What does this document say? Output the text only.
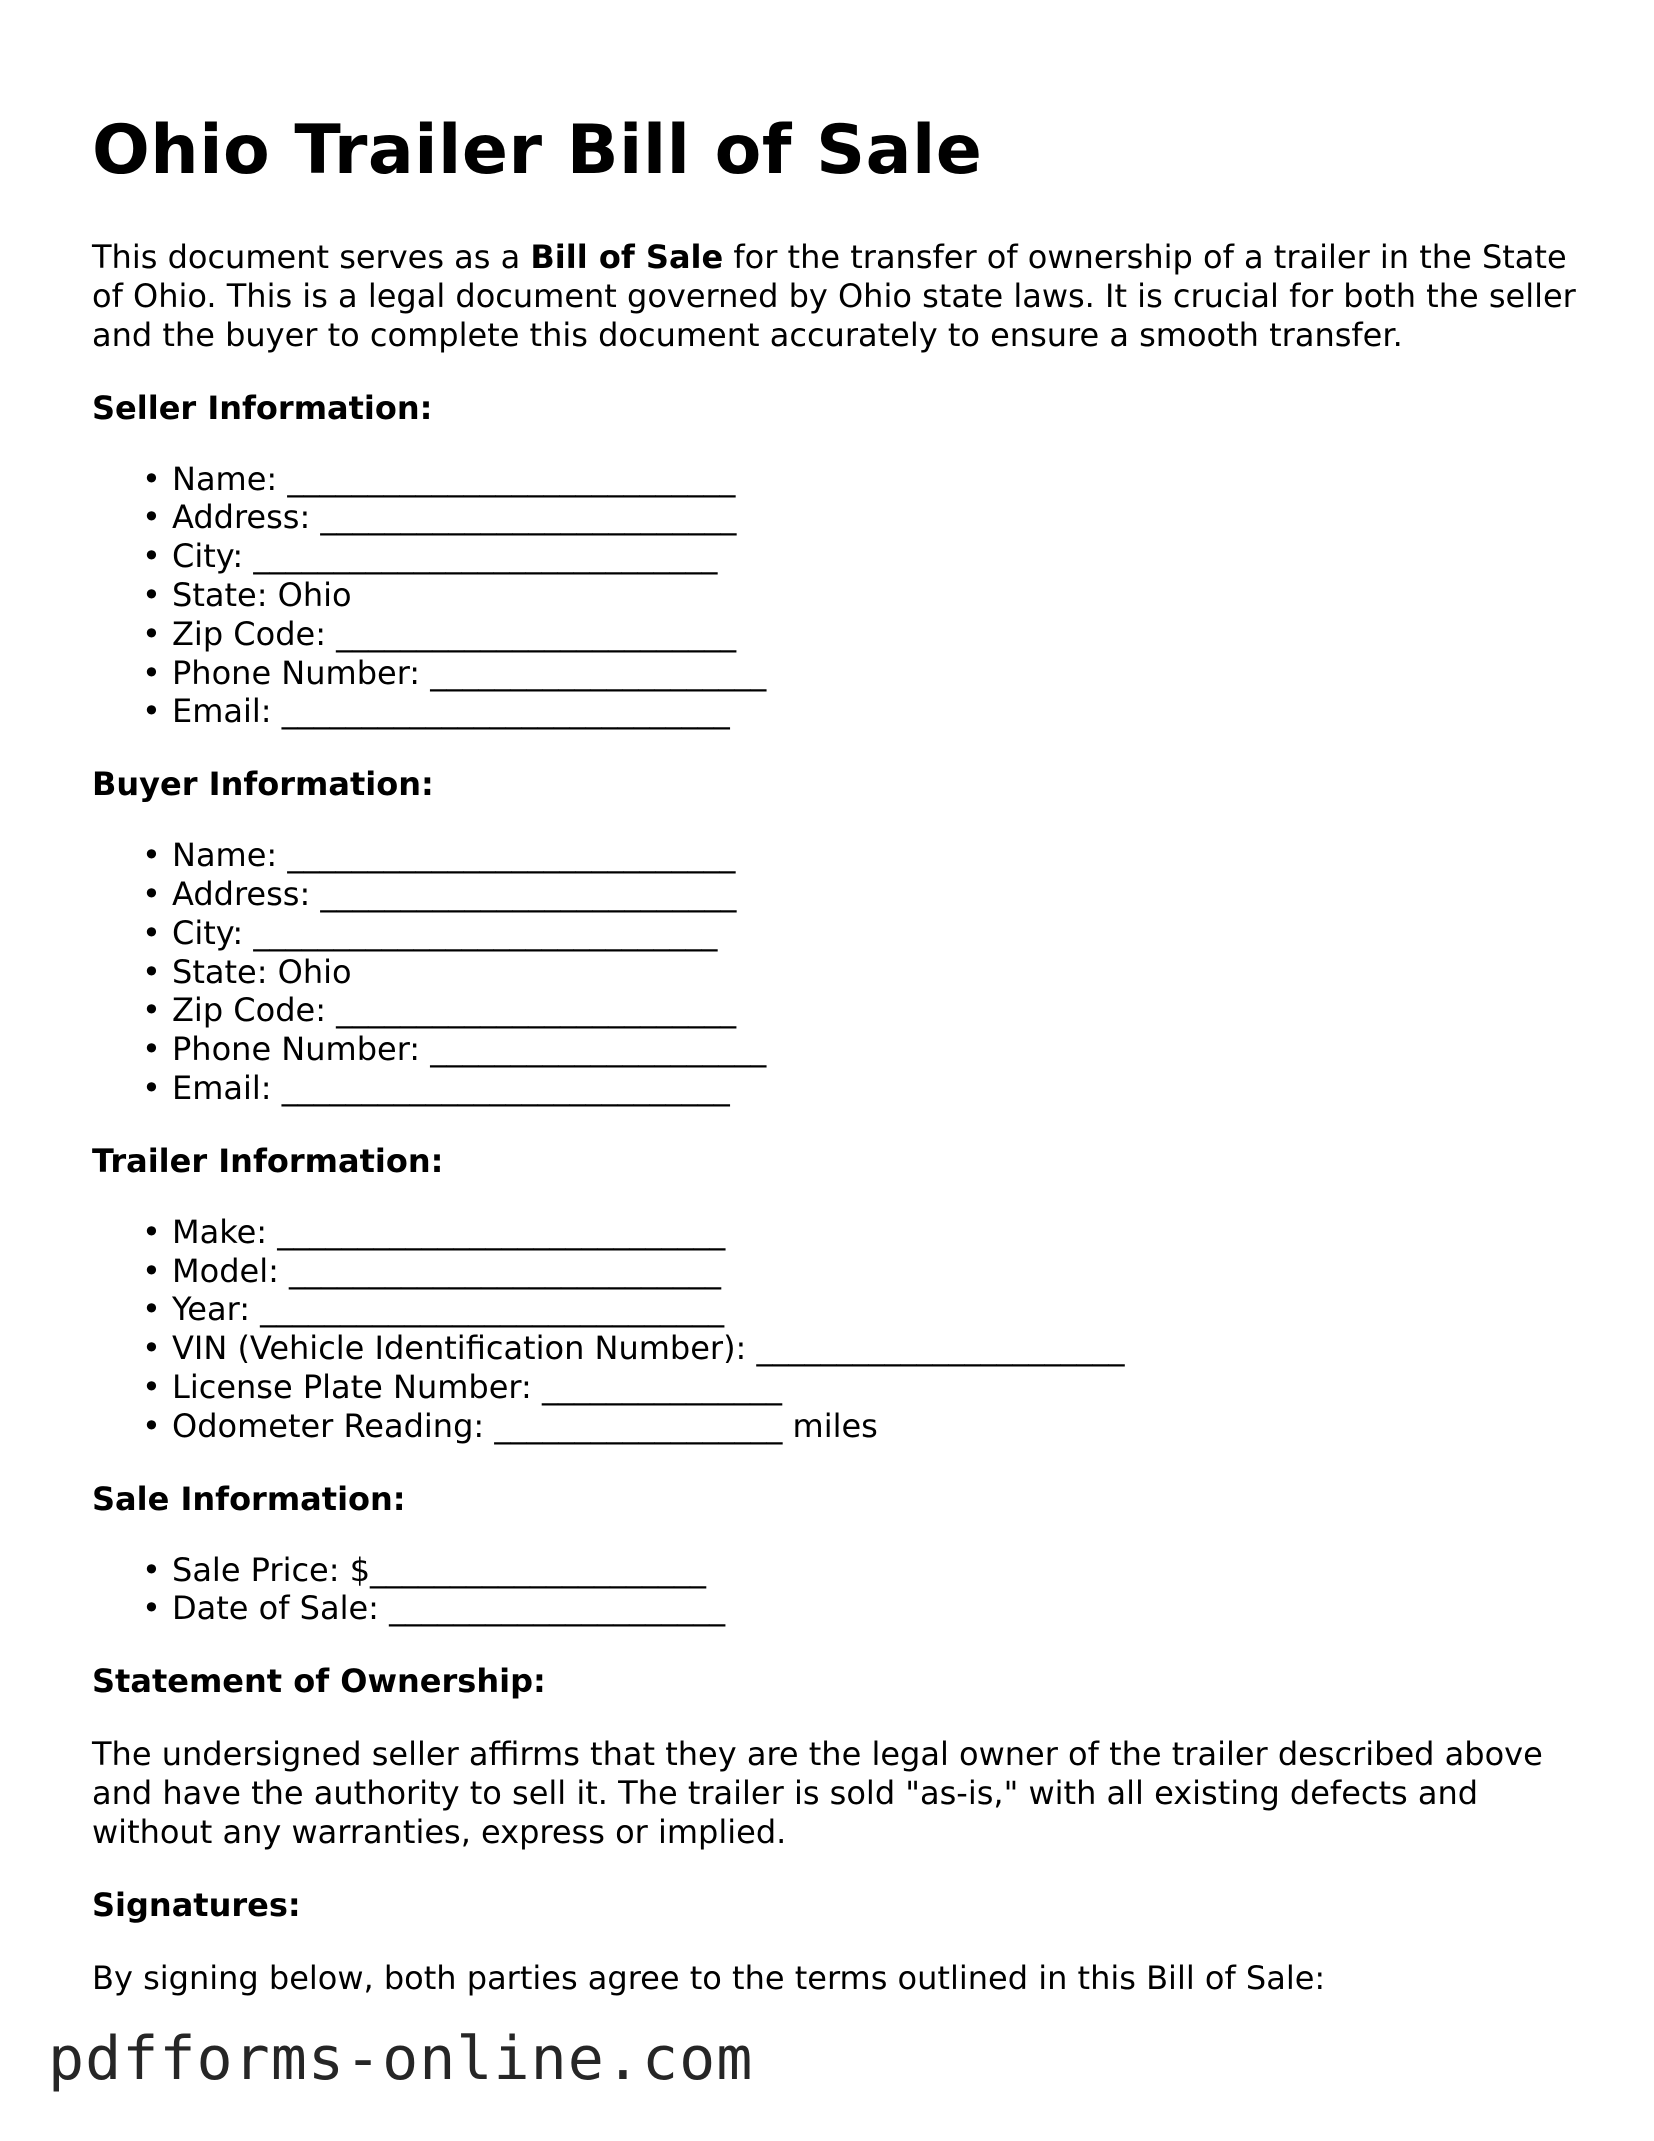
Ohio Trailer Bill of Sale

This document serves as a Bill of Sale for the transfer of ownership of a trailer in the State of Ohio. This is a legal document governed by Ohio state laws. It is crucial for both the seller and the buyer to complete this document accurately to ensure a smooth transfer.

Seller Information:
• Name: ____________________________
• Address: __________________________
• City: _____________________________
• State: Ohio
• Zip Code: _________________________
• Phone Number: _____________________
• Email: ____________________________
Buyer Information:
• Name: ____________________________
• Address: __________________________
• City: _____________________________
• State: Ohio
• Zip Code: _________________________
• Phone Number: _____________________
• Email: ____________________________
Trailer Information:
• Make: ____________________________
• Model: ___________________________
• Year: _____________________________
• VIN (Vehicle Identification Number): _______________________
• License Plate Number: _______________
• Odometer Reading: __________________ miles
Sale Information:
• Sale Price: $_____________________
• Date of Sale: _____________________
Statement of Ownership:

The undersigned seller affirms that they are the legal owner of the trailer described above and have the authority to sell it. The trailer is sold "as-is," with all existing defects and without any warranties, express or implied.

Signatures:

By signing below, both parties agree to the terms outlined in this Bill of Sale:

pdfforms-online.com
